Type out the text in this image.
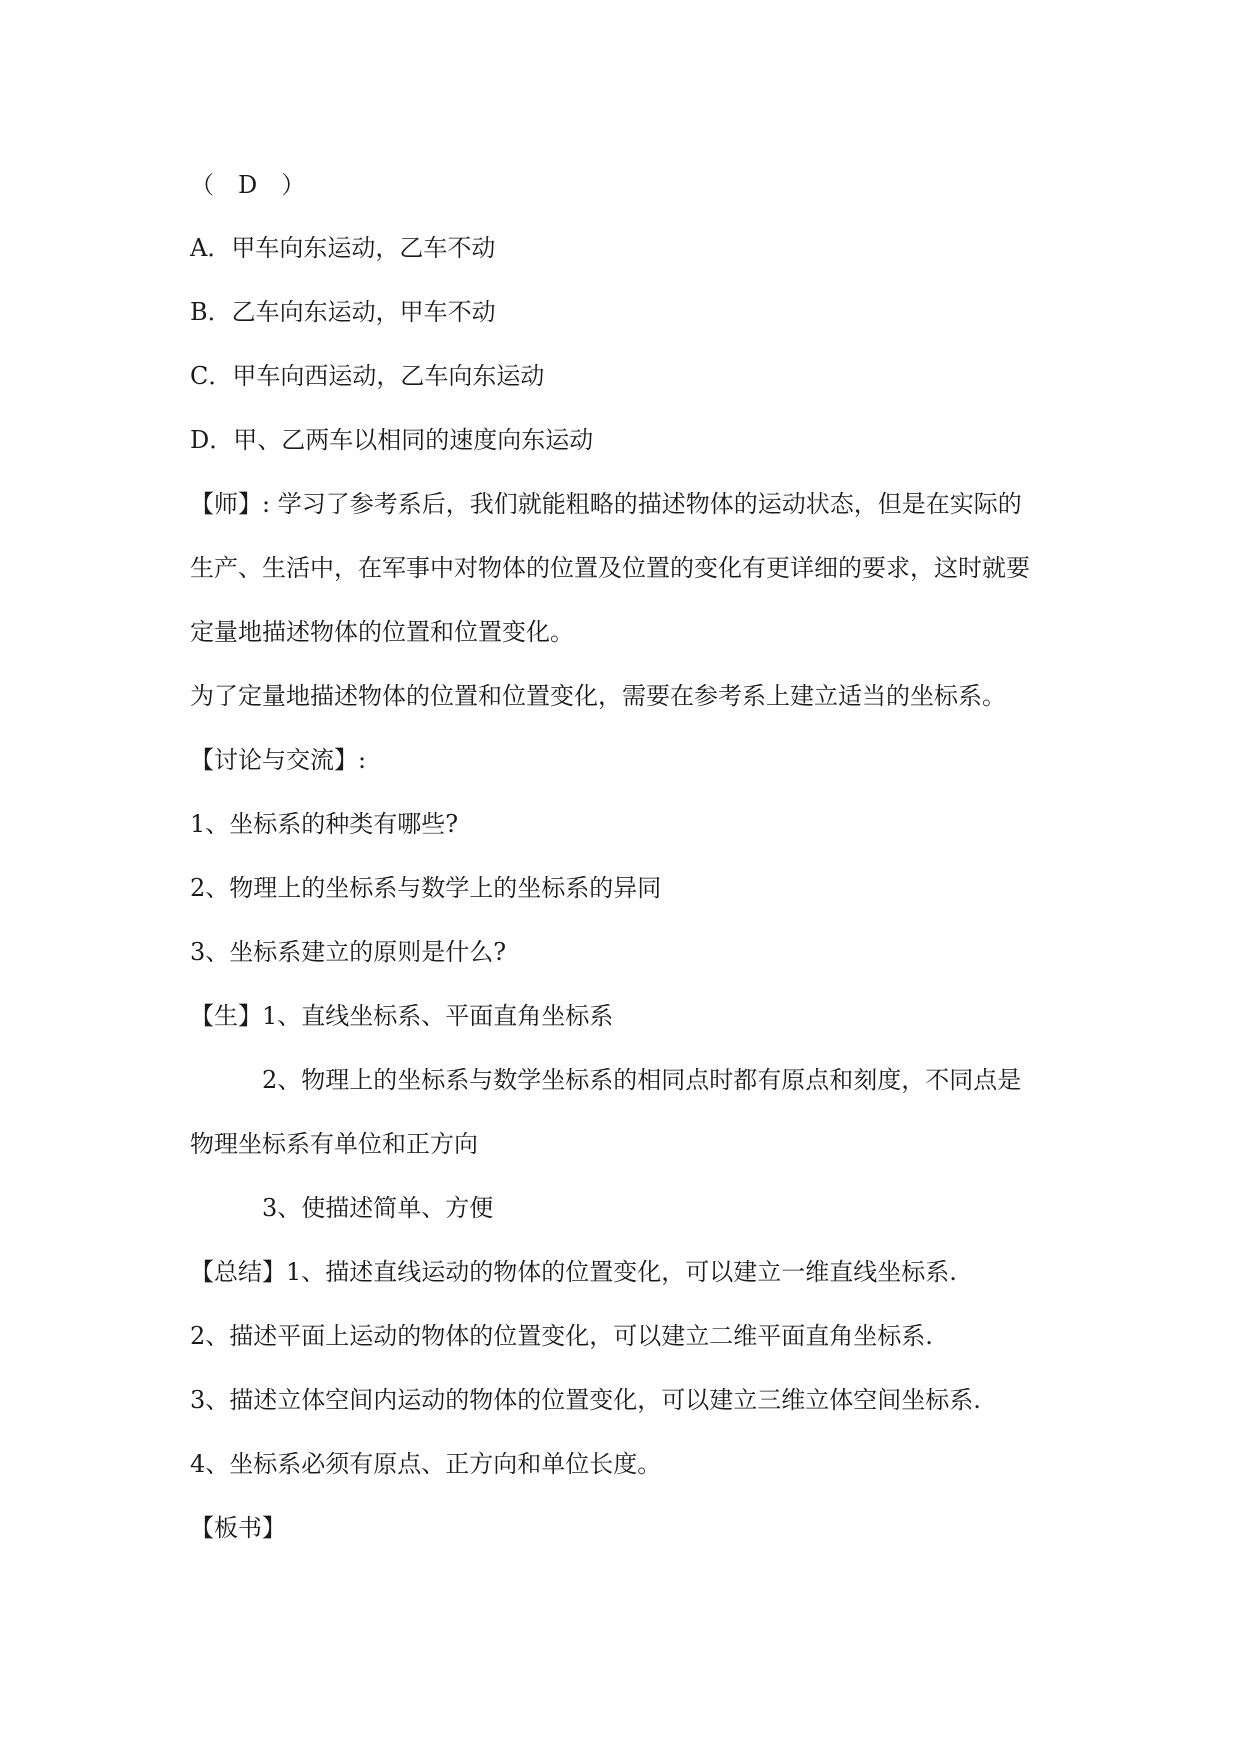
（　D　）
A．甲车向东运动，乙车不动
B．乙车向东运动，甲车不动
C．甲车向西运动，乙车向东运动
D．甲、乙两车以相同的速度向东运动
【师】: 学习了参考系后，我们就能粗略的描述物体的运动状态，但是在实际的
生产、生活中，在军事中对物体的位置及位置的变化有更详细的要求，这时就要
定量地描述物体的位置和位置变化。
为了定量地描述物体的位置和位置变化，需要在参考系上建立适当的坐标系。
【讨论与交流】:
1、坐标系的种类有哪些?
2、物理上的坐标系与数学上的坐标系的异同
3、坐标系建立的原则是什么?
【生】1、直线坐标系、平面直角坐标系
2、物理上的坐标系与数学坐标系的相同点时都有原点和刻度，不同点是
物理坐标系有单位和正方向
3、使描述简单、方便
【总结】1、描述直线运动的物体的位置变化，可以建立一维直线坐标系.
2、描述平面上运动的物体的位置变化，可以建立二维平面直角坐标系.
3、描述立体空间内运动的物体的位置变化，可以建立三维立体空间坐标系.
4、坐标系必须有原点、正方向和单位长度。
【板书】
